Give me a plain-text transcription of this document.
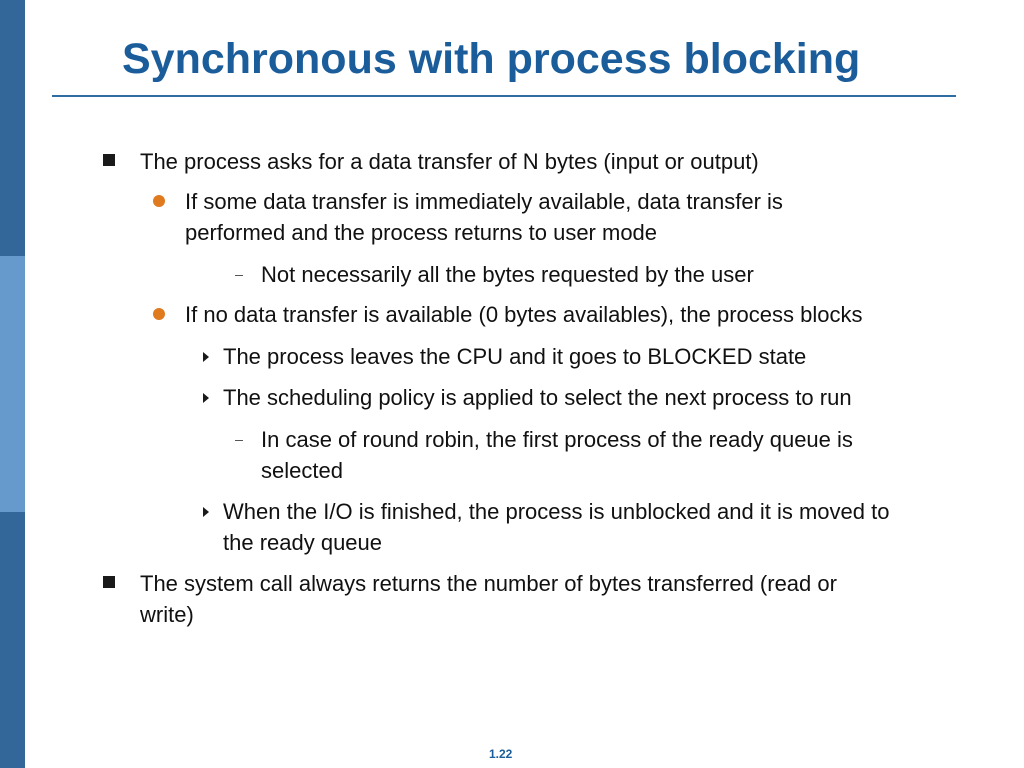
Synchronous with process blocking
The process asks for a data transfer of N bytes (input or output)
If some data transfer is immediately available, data transfer is
performed and the process returns to user mode
Not necessarily all the bytes requested by the user
If no data transfer is available (0 bytes availables), the process blocks
The process leaves the CPU and it goes to BLOCKED state
The scheduling policy is applied to select the next process to run
In case of round robin, the first process of the ready queue is
selected
When the I/O is finished, the process is unblocked and it is moved to
the ready queue
The system call always returns the number of bytes transferred (read or
write)
1.22
